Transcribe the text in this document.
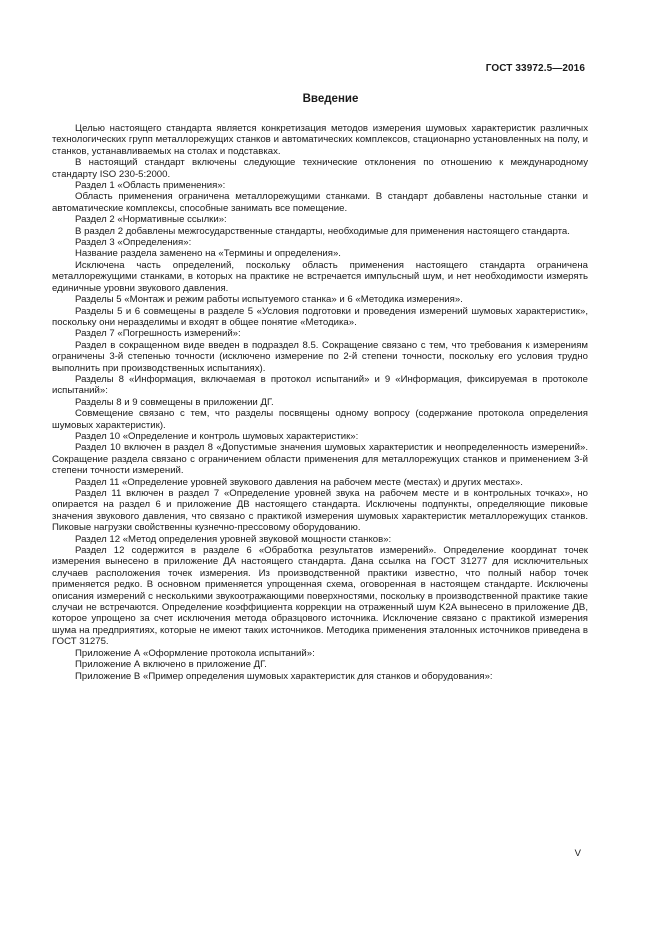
ГОСТ 33972.5—2016
Введение

Целью настоящего стандарта является конкретизация методов измерения шумовых характеристик различных технологических групп металлорежущих станков и автоматических комплексов, стационарно установленных на полу, и станков, устанавливаемых на столах и подставках.

В настоящий стандарт включены следующие технические отклонения по отношению к международному стандарту ISO 230-5:2000.

Раздел 1 «Область применения»:

Область применения ограничена металлорежущими станками. В стандарт добавлены настольные станки и автоматические комплексы, способные занимать все помещение.

Раздел 2 «Нормативные ссылки»:

В раздел 2 добавлены межгосударственные стандарты, необходимые для применения настоящего стандарта.

Раздел 3 «Определения»:

Название раздела заменено на «Термины и определения».

Исключена часть определений, поскольку область применения настоящего стандарта ограничена металлорежущими станками, в которых на практике не встречается импульсный шум, и нет необходимости измерять единичные уровни звукового давления.

Разделы 5 «Монтаж и режим работы испытуемого станка» и 6 «Методика измерения».

Разделы 5 и 6 совмещены в разделе 5 «Условия подготовки и проведения измерений шумовых характеристик», поскольку они неразделимы и входят в общее понятие «Методика».

Раздел 7 «Погрешность измерений»:

Раздел в сокращенном виде введен в подраздел 8.5. Сокращение связано с тем, что требования к измерениям ограничены 3-й степенью точности (исключено измерение по 2-й степени точности, поскольку его условия трудно выполнить при производственных испытаниях).

Разделы 8 «Информация, включаемая в протокол испытаний» и 9 «Информация, фиксируемая в протоколе испытаний»:

Разделы 8 и 9 совмещены в приложении ДГ.

Совмещение связано с тем, что разделы посвящены одному вопросу (содержание протокола определения шумовых характеристик).

Раздел 10 «Определение и контроль шумовых характеристик»:

Раздел 10 включен в раздел 8 «Допустимые значения шумовых характеристик и неопределенность измерений». Сокращение раздела связано с ограничением области применения для металлорежущих станков и применением 3-й степени точности измерений.

Раздел 11 «Определение уровней звукового давления на рабочем месте (местах) и других местах».

Раздел 11 включен в раздел 7 «Определение уровней звука на рабочем месте и в контрольных точках», но опирается на раздел 6 и приложение ДВ настоящего стандарта. Исключены подпункты, определяющие пиковые значения звукового давления, что связано с практикой измерения шумовых характеристик металлорежущих станков. Пиковые нагрузки свойственны кузнечно-прессовому оборудованию.

Раздел 12 «Метод определения уровней звуковой мощности станков»:

Раздел 12 содержится в разделе 6 «Обработка результатов измерений». Определение координат точек измерения вынесено в приложение ДА настоящего стандарта. Дана ссылка на ГОСТ 31277 для исключительных случаев расположения точек измерения. Из производственной практики известно, что полный набор точек применяется редко. В основном применяется упрощенная схема, оговоренная в настоящем стандарте. Исключены описания измерений с несколькими звукоотражающими поверхностями, поскольку в производственной практике такие случаи не встречаются. Определение коэффициента коррекции на отраженный шум K2A вынесено в приложение ДВ, которое упрощено за счет исключения метода образцового источника. Исключение связано с практикой измерения шума на предприятиях, которые не имеют таких источников. Методика применения эталонных источников приведена в ГОСТ 31275.

Приложение А «Оформление протокола испытаний»:

Приложение А включено в приложение ДГ.

Приложение В «Пример определения шумовых характеристик для станков и оборудования»:

V
